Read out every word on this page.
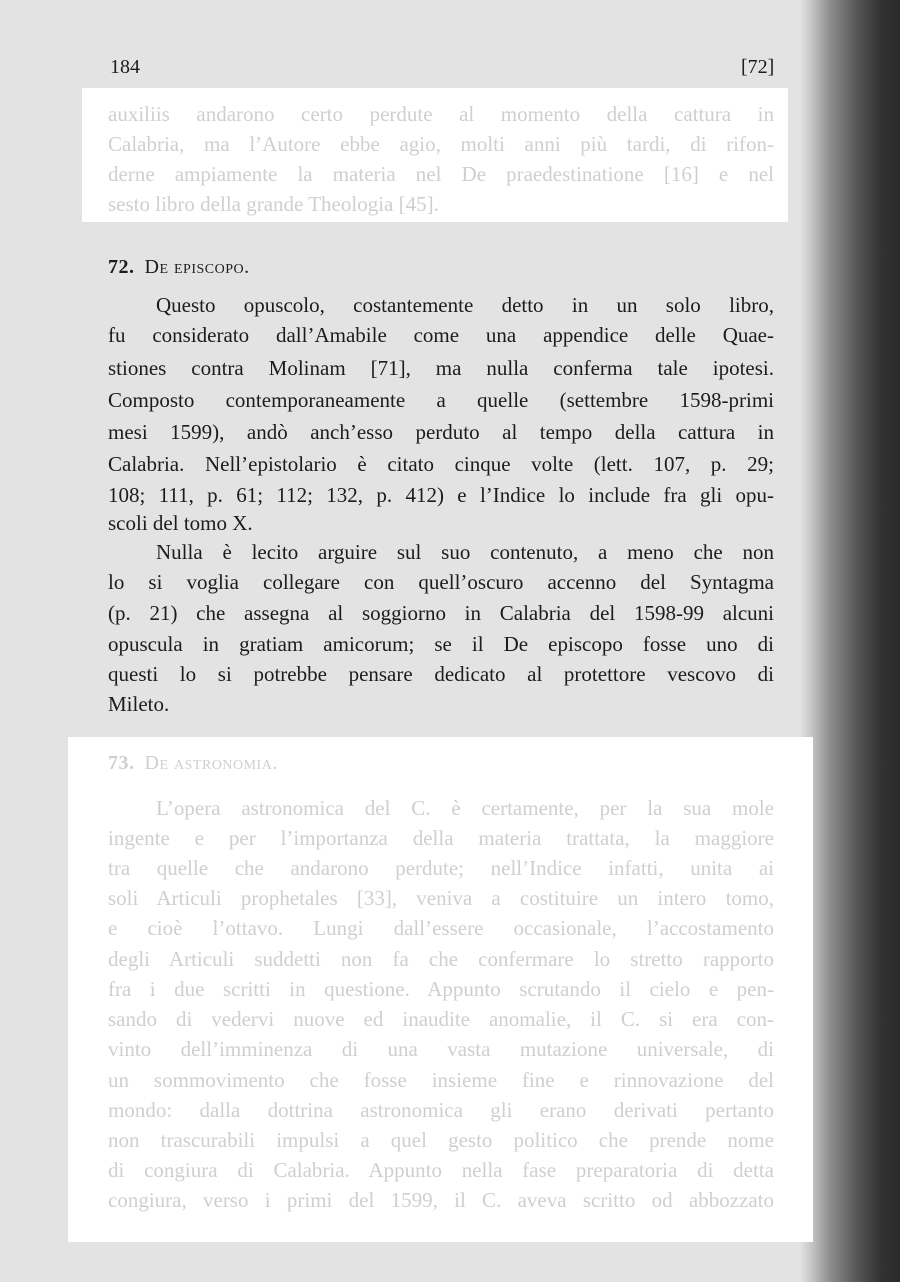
184	[72]
auxiliis andarono certo perdute al momento della cattura in
Calabria, ma l’Autore ebbe agio, molti anni più tardi, di rifon-
derne ampiamente la materia nel De praedestinatione [16] e nel
sesto libro della grande Theologia [45].
72. De episcopo.
Questo opuscolo, costantemente detto in un solo libro,
fu considerato dall’Amabile come una appendice delle Quae-
stiones contra Molinam [71], ma nulla conferma tale ipotesi.
Composto contemporaneamente a quelle (settembre 1598-primi
mesi 1599), andò anch’esso perduto al tempo della cattura in
Calabria. Nell’epistolario è citato cinque volte (lett. 107, p. 29;
108; 111, p. 61; 112; 132, p. 412) e l’Indice lo include fra gli opu-
scoli del tomo X.
Nulla è lecito arguire sul suo contenuto, a meno che non
lo si voglia collegare con quell’oscuro accenno del Syntagma
(p. 21) che assegna al soggiorno in Calabria del 1598-99 alcuni
opuscula in gratiam amicorum; se il De episcopo fosse uno di
questi lo si potrebbe pensare dedicato al protettore vescovo di
Mileto.
73. De astronomia.
L’opera astronomica del C. è certamente, per la sua mole
ingente e per l’importanza della materia trattata, la maggiore
tra quelle che andarono perdute; nell’Indice infatti, unita ai
soli Articuli prophetales [33], veniva a costituire un intero tomo,
e cioè l’ottavo. Lungi dall’essere occasionale, l’accostamento
degli Articuli suddetti non fa che confermare lo stretto rapporto
fra i due scritti in questione. Appunto scrutando il cielo e pen-
sando di vedervi nuove ed inaudite anomalie, il C. si era con-
vinto dell’imminenza di una vasta mutazione universale, di
un sommovimento che fosse insieme fine e rinnovazione del
mondo: dalla dottrina astronomica gli erano derivati pertanto
non trascurabili impulsi a quel gesto politico che prende nome
di congiura di Calabria. Appunto nella fase preparatoria di detta
congiura, verso i primi del 1599, il C. aveva scritto od abbozzato
